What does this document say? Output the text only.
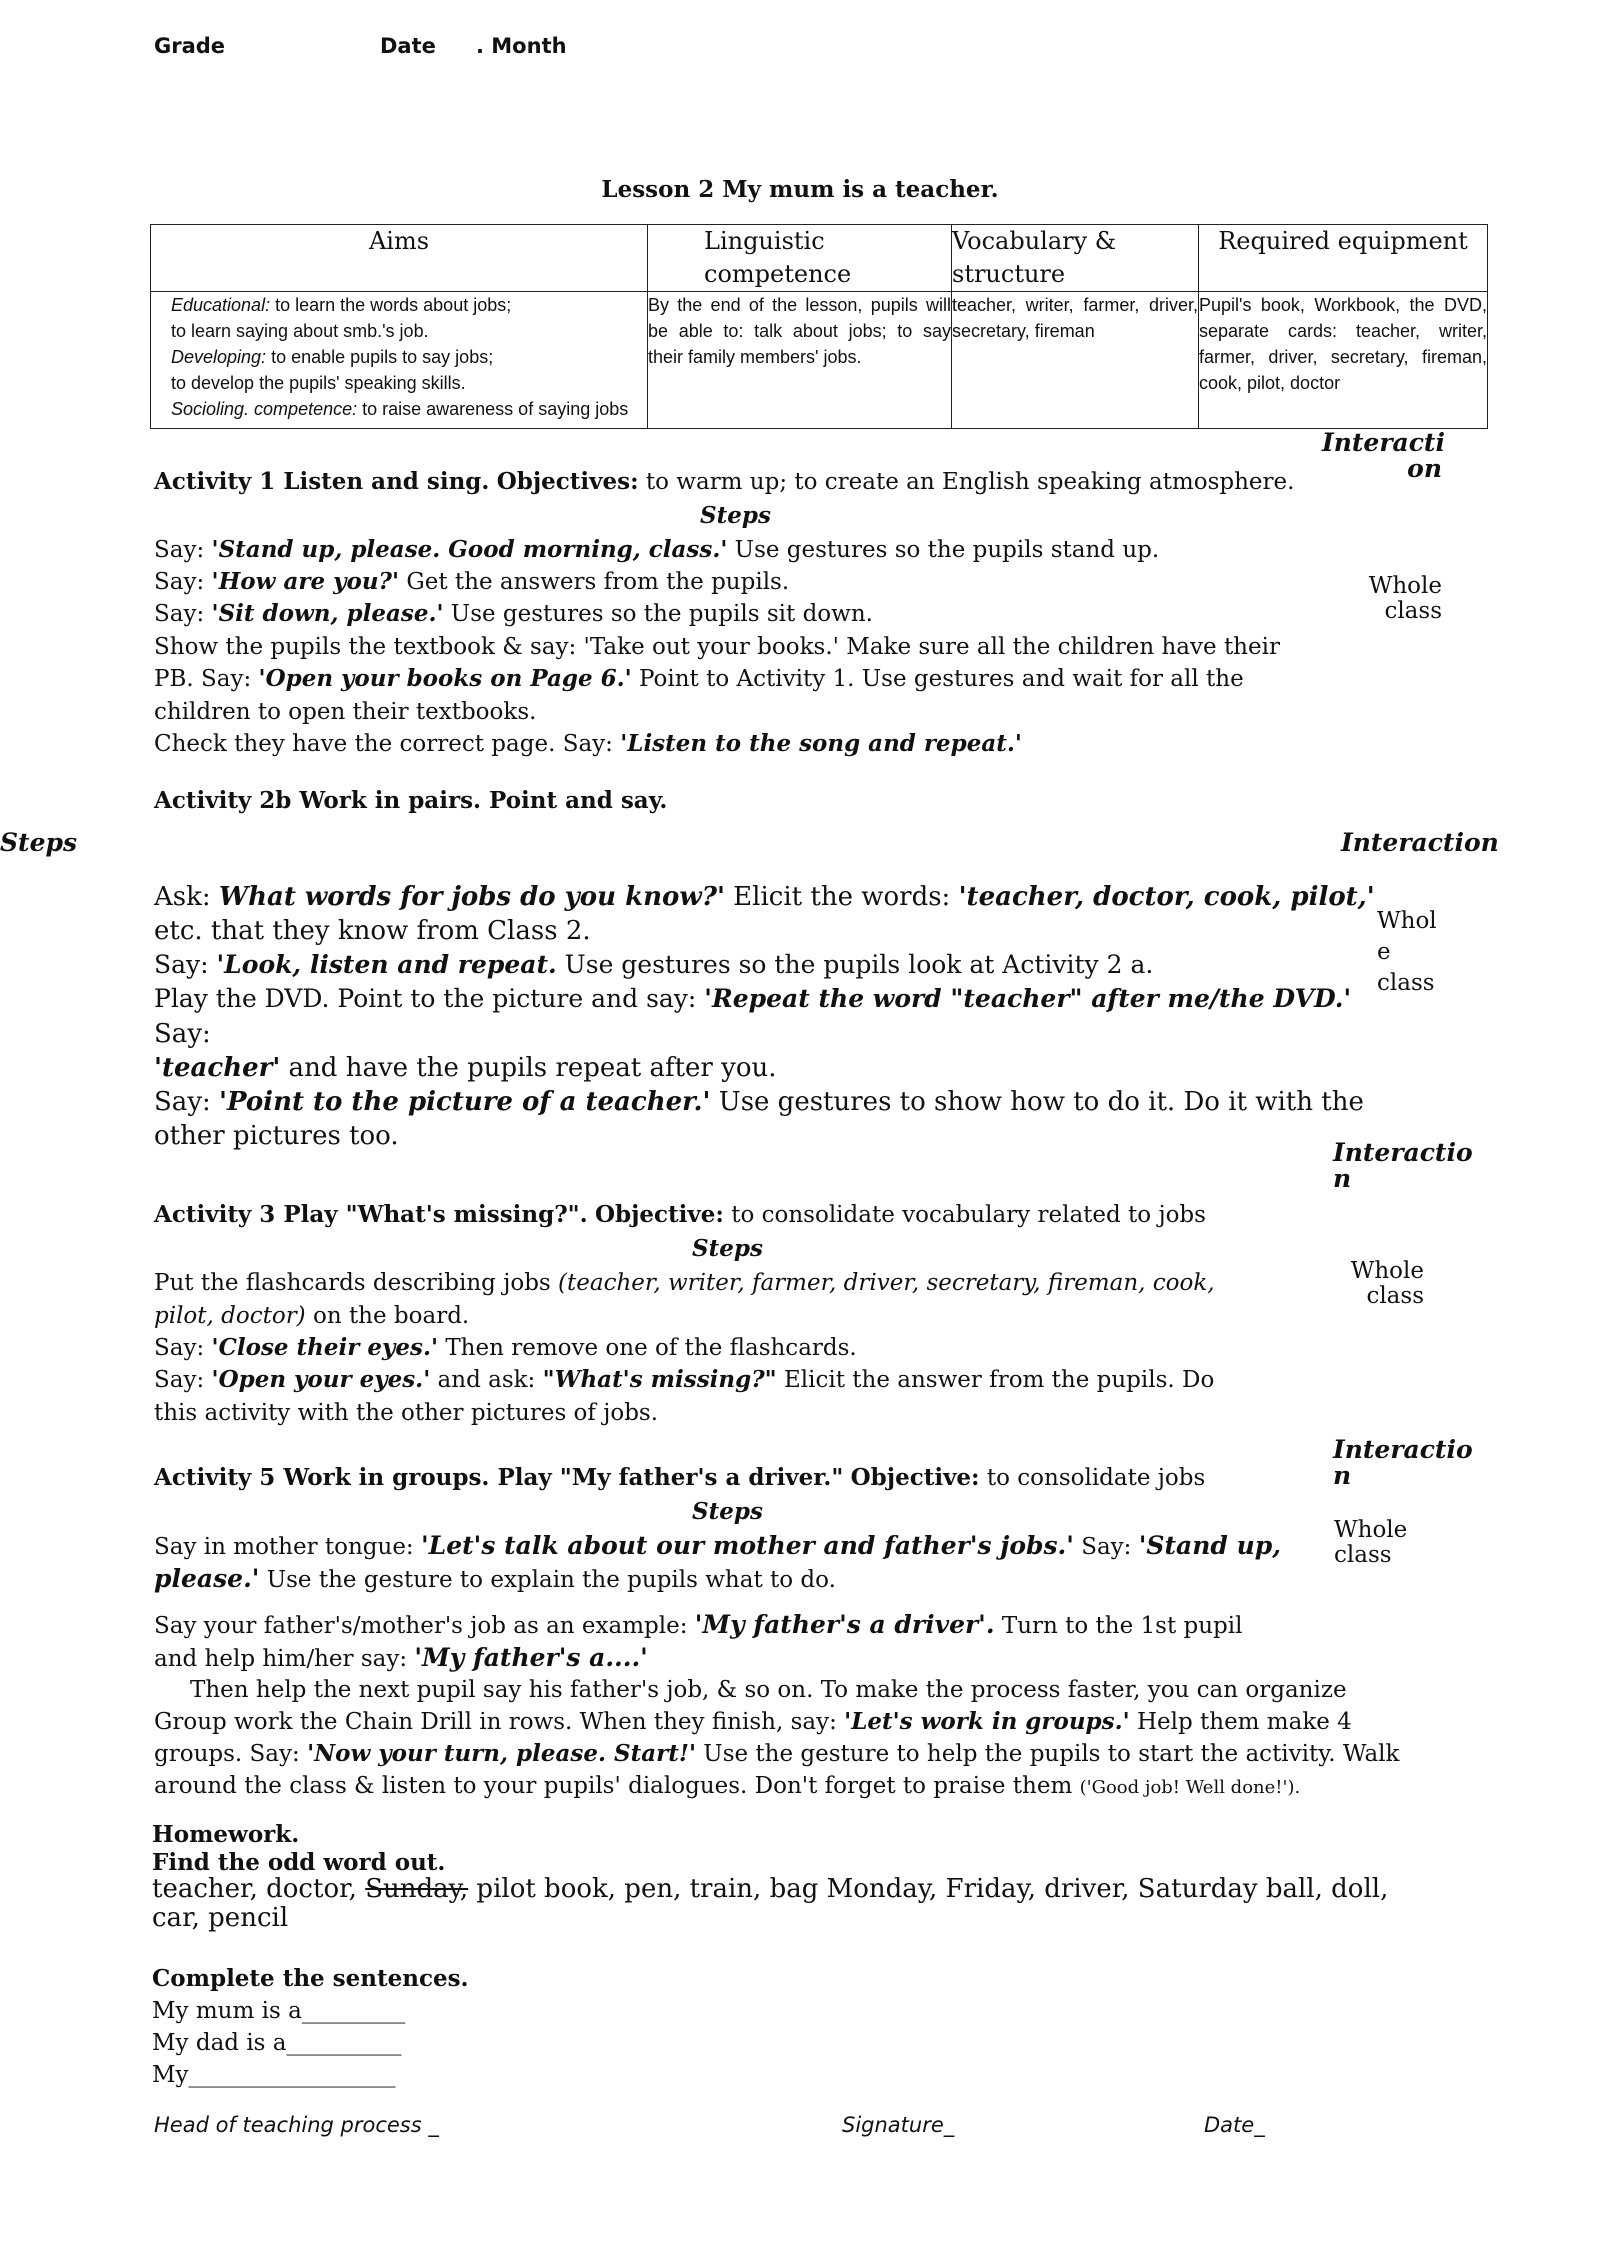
Grade	Date . Month
Lesson 2 My mum is a teacher.
Aims	Linguistic competence	Vocabulary & structure	Required equipment

Educational: to learn the words about jobs;
to learn saying about smb.'s job.
Developing: to enable pupils to say jobs;
to develop the pupils' speaking skills.
Socioling. competence: to raise awareness of saying jobs	By the end of the lesson, pupils will be able to: talk about jobs; to say their family members' jobs.	teacher, writer, farmer, driver, secretary, fireman	Pupil's book, Workbook, the DVD, separate cards: teacher, writer, farmer, driver, secretary, fireman, cook, pilot, doctor
Interacti
on
Activity 1 Listen and sing. Objectives: to warm up; to create an English speaking atmosphere.
Steps
Whole
class
Say: 'Stand up, please. Good morning, class.' Use gestures so the pupils stand up.
Say: 'How are you?' Get the answers from the pupils.
Say: 'Sit down, please.' Use gestures so the pupils sit down.
Show the pupils the textbook & say: 'Take out your books.' Make sure all the children have their
PB. Say: 'Open your books on Page 6.' Point to Activity 1. Use gestures and wait for all the
children to open their textbooks.
Check they have the correct page. Say: 'Listen to the song and repeat.'
Activity 2b Work in pairs. Point and say.
Steps	Interaction
Whol
e
class
Ask: What words for jobs do you know?' Elicit the words: 'teacher, doctor, cook, pilot,'
etc. that they know from Class 2.
Say: 'Look, listen and repeat. Use gestures so the pupils look at Activity 2 a.
Play the DVD. Point to the picture and say: 'Repeat the word "teacher" after me/the DVD.'
Say:
'teacher' and have the pupils repeat after you.
Say: 'Point to the picture of a teacher.' Use gestures to show how to do it. Do it with the
other pictures too.
Interactio
n
Activity 3 Play "What's missing?". Objective: to consolidate vocabulary related to jobs
Steps
Whole
class
Put the flashcards describing jobs (teacher, writer, farmer, driver, secretary, fireman, cook,
pilot, doctor) on the board.
Say: 'Close their eyes.' Then remove one of the flashcards.
Say: 'Open your eyes.' and ask: "What's missing?" Elicit the answer from the pupils. Do
this activity with the other pictures of jobs.
Interactio
n
Activity 5 Work in groups. Play "My father's a driver." Objective: to consolidate jobs
Steps
Whole
class
Say in mother tongue: 'Let's talk about our mother and father's jobs.' Say: 'Stand up,
please.' Use the gesture to explain the pupils what to do.
Say your father's/mother's job as an example: 'My father's a driver'. Turn to the 1st pupil
and help him/her say: 'My father's a....'
Then help the next pupil say his father's job, & so on. To make the process faster, you can organize
Group work the Chain Drill in rows. When they finish, say: 'Let's work in groups.' Help them make 4
groups. Say: 'Now your turn, please. Start!' Use the gesture to help the pupils to start the activity. Walk
around the class & listen to your pupils' dialogues. Don't forget to praise them ('Good job! Well done!').
Homework.
Find the odd word out.
teacher, doctor, Sunday, pilot book, pen, train, bag Monday, Friday, driver, Saturday ball, doll,
car, pencil
Complete the sentences.
My mum is a_________
My dad is a__________
My__________________
Head of teaching process _	Signature_	Date_
